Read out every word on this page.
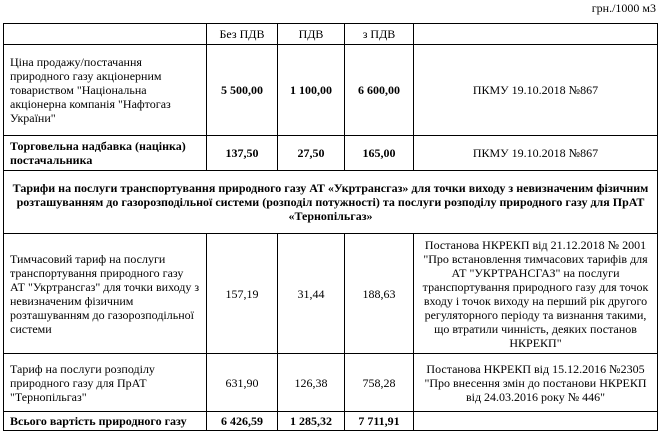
грн./1000 м3
	Без ПДВ	ПДВ	з ПДВ	
Ціна продажу/постачання природного газу акціонерним товариством "Національна акціонерна компанія "Нафтогаз України"	5 500,00	1 100,00	6 600,00	ПКМУ 19.10.2018 №867
Торговельна надбавка (націнка) постачальника	137,50	27,50	165,00	ПКМУ 19.10.2018 №867
Тарифи на послуги транспортування природного газу АТ «Укртрансгаз» для точки виходу з невизначеним фізичним розташуванням до газорозподільної системи (розподіл потужності) та послуги розподілу природного газу для ПрАТ «Тернопільгаз»				
Тимчасовий тариф на послуги транспортування природного газу АТ "Укртрансгаз" для точки виходу з невизначеним фізичним розташуванням до газорозподільної системи	157,19	31,44	188,63	Постанова НКРЕКП від 21.12.2018 № 2001
"Про встановлення тимчасових тарифів для АТ "УКРТРАНСГАЗ" на послуги транспортування природного газу для точок входу і точок виходу на перший рік другого регуляторного періоду та визнання такими, що втратили чинність, деяких постанов НКРЕКП"
Тариф на послуги розподілу природного газу для ПрАТ "Тернопільгаз"	631,90	126,38	758,28	Постанова НКРЕКП від 15.12.2016 №2305
"Про внесення змін до постанови НКРЕКП від 24.03.2016 року № 446"
Всього вартість природного газу	6 426,59	1 285,32	7 711,91	
